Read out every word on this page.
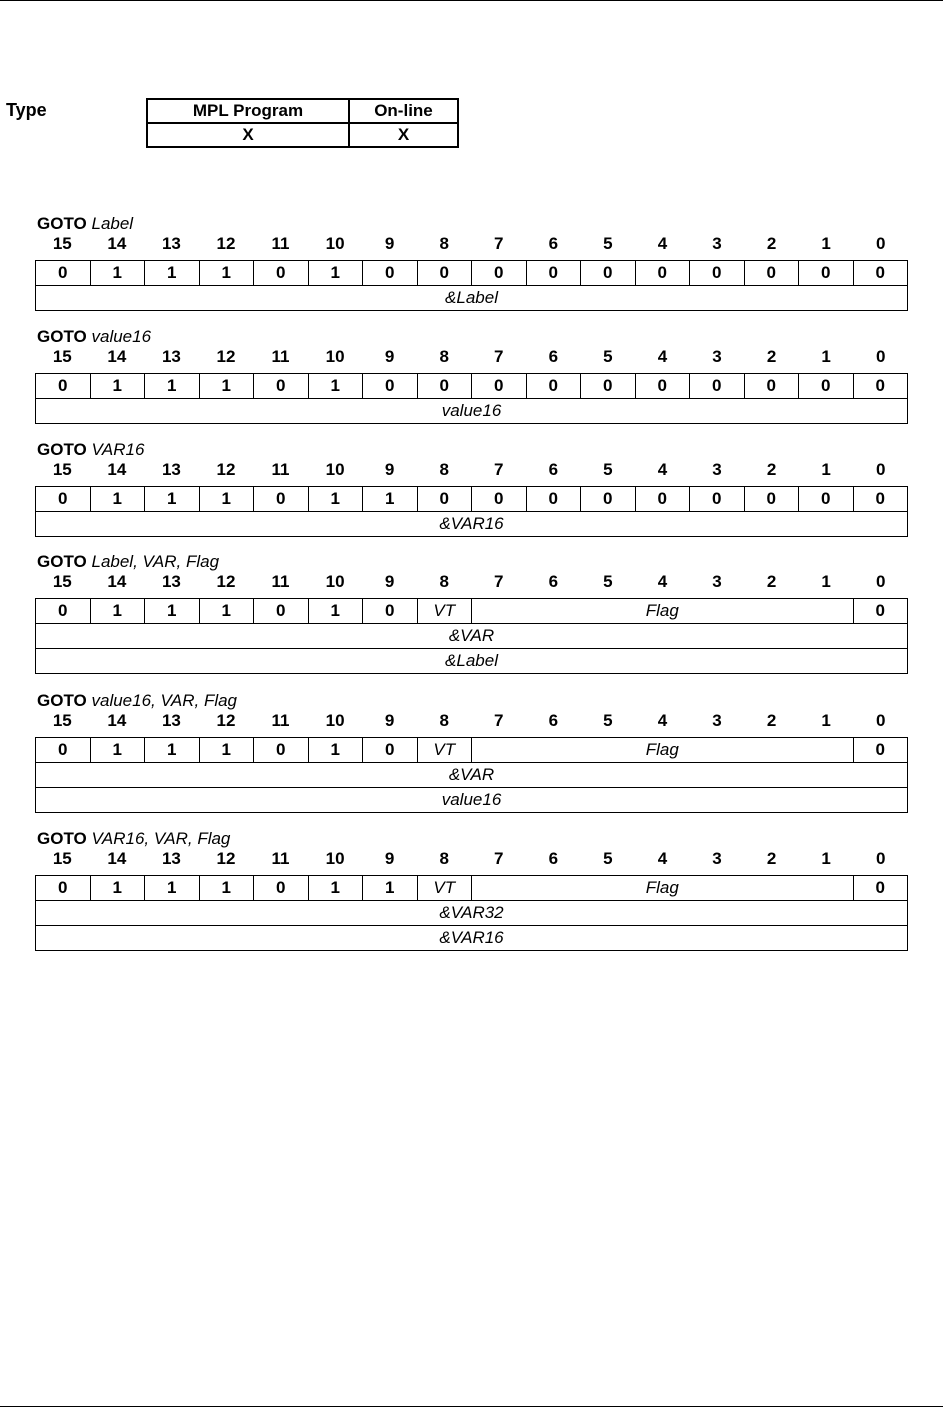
Type	MPL Program	On-line
X	X
GOTO Label
15	14	13	12	11	10	9	8	7	6	5	4	3	2	1	0
0	1	1	1	0	1	0	0	0	0	0	0	0	0	0	0
&Label
GOTO value16
15	14	13	12	11	10	9	8	7	6	5	4	3	2	1	0
0	1	1	1	0	1	0	0	0	0	0	0	0	0	0	0
value16
GOTO VAR16
15	14	13	12	11	10	9	8	7	6	5	4	3	2	1	0
0	1	1	1	0	1	1	0	0	0	0	0	0	0	0	0
&VAR16
GOTO Label, VAR, Flag
15	14	13	12	11	10	9	8	7	6	5	4	3	2	1	0
0	1	1	1	0	1	0	VT	Flag	0
&VAR
&Label
GOTO value16, VAR, Flag
15	14	13	12	11	10	9	8	7	6	5	4	3	2	1	0
0	1	1	1	0	1	0	VT	Flag	0
&VAR
value16
GOTO VAR16, VAR, Flag
15	14	13	12	11	10	9	8	7	6	5	4	3	2	1	0
0	1	1	1	0	1	1	VT	Flag	0
&VAR32
&VAR16
